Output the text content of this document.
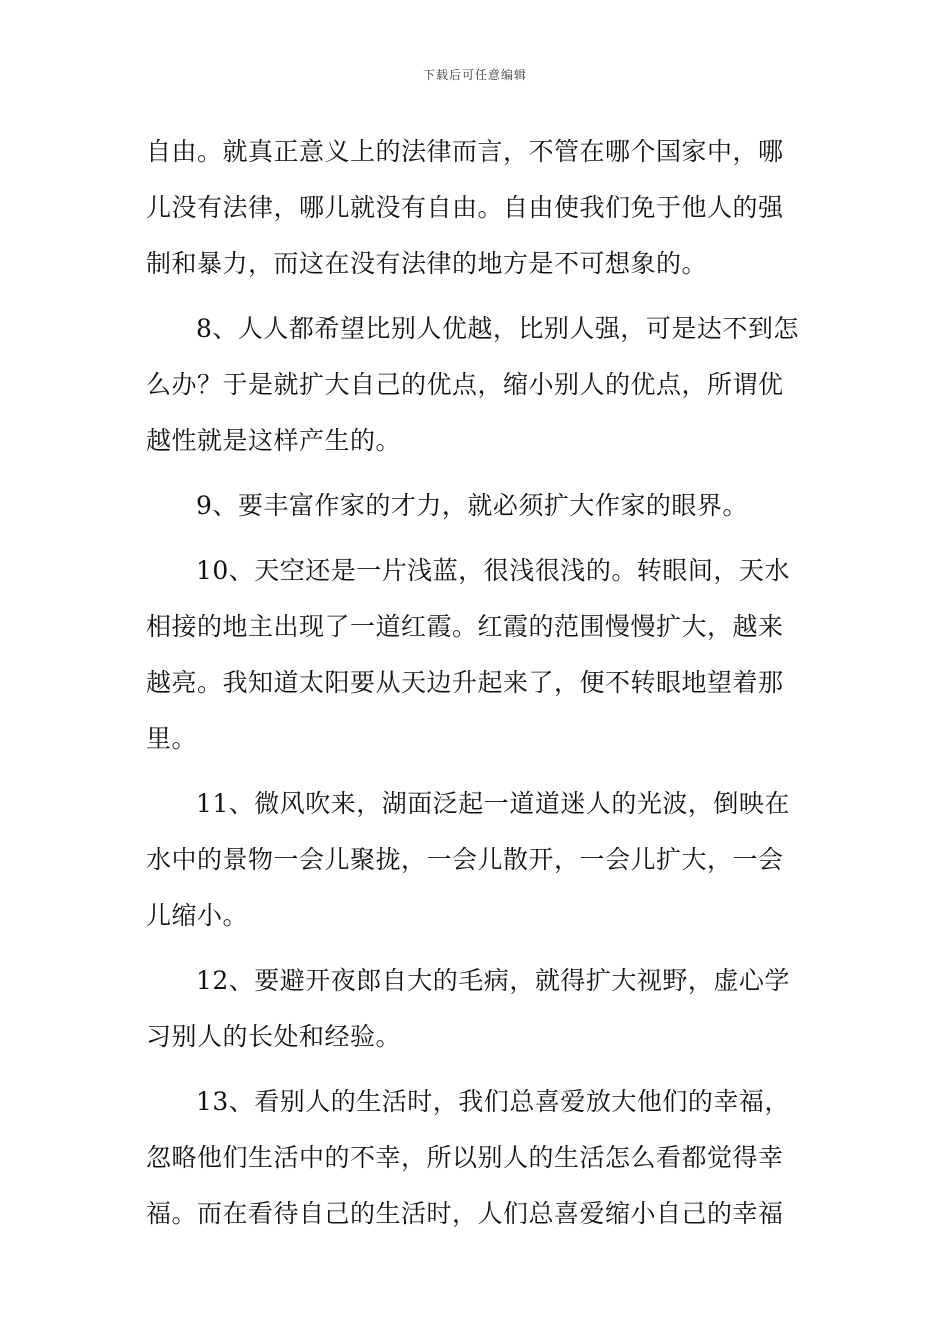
下载后可任意编辑
自由。就真正意义上的法律而言，不管在哪个国家中，哪
儿没有法律，哪儿就没有自由。自由使我们免于他人的强
制和暴力，而这在没有法律的地方是不可想象的。
8、人人都希望比别人优越，比别人强，可是达不到怎
么办？于是就扩大自己的优点，缩小别人的优点，所谓优
越性就是这样产生的。
9、要丰富作家的才力，就必须扩大作家的眼界。
10、天空还是一片浅蓝，很浅很浅的。转眼间，天水
相接的地主出现了一道红霞。红霞的范围慢慢扩大，越来
越亮。我知道太阳要从天边升起来了，便不转眼地望着那
里。
11、微风吹来，湖面泛起一道道迷人的光波，倒映在
水中的景物一会儿聚拢，一会儿散开，一会儿扩大，一会
儿缩小。
12、要避开夜郎自大的毛病，就得扩大视野，虚心学
习别人的长处和经验。
13、看别人的生活时，我们总喜爱放大他们的幸福，
忽略他们生活中的不幸，所以别人的生活怎么看都觉得幸
福。而在看待自己的生活时，人们总喜爱缩小自己的幸福
